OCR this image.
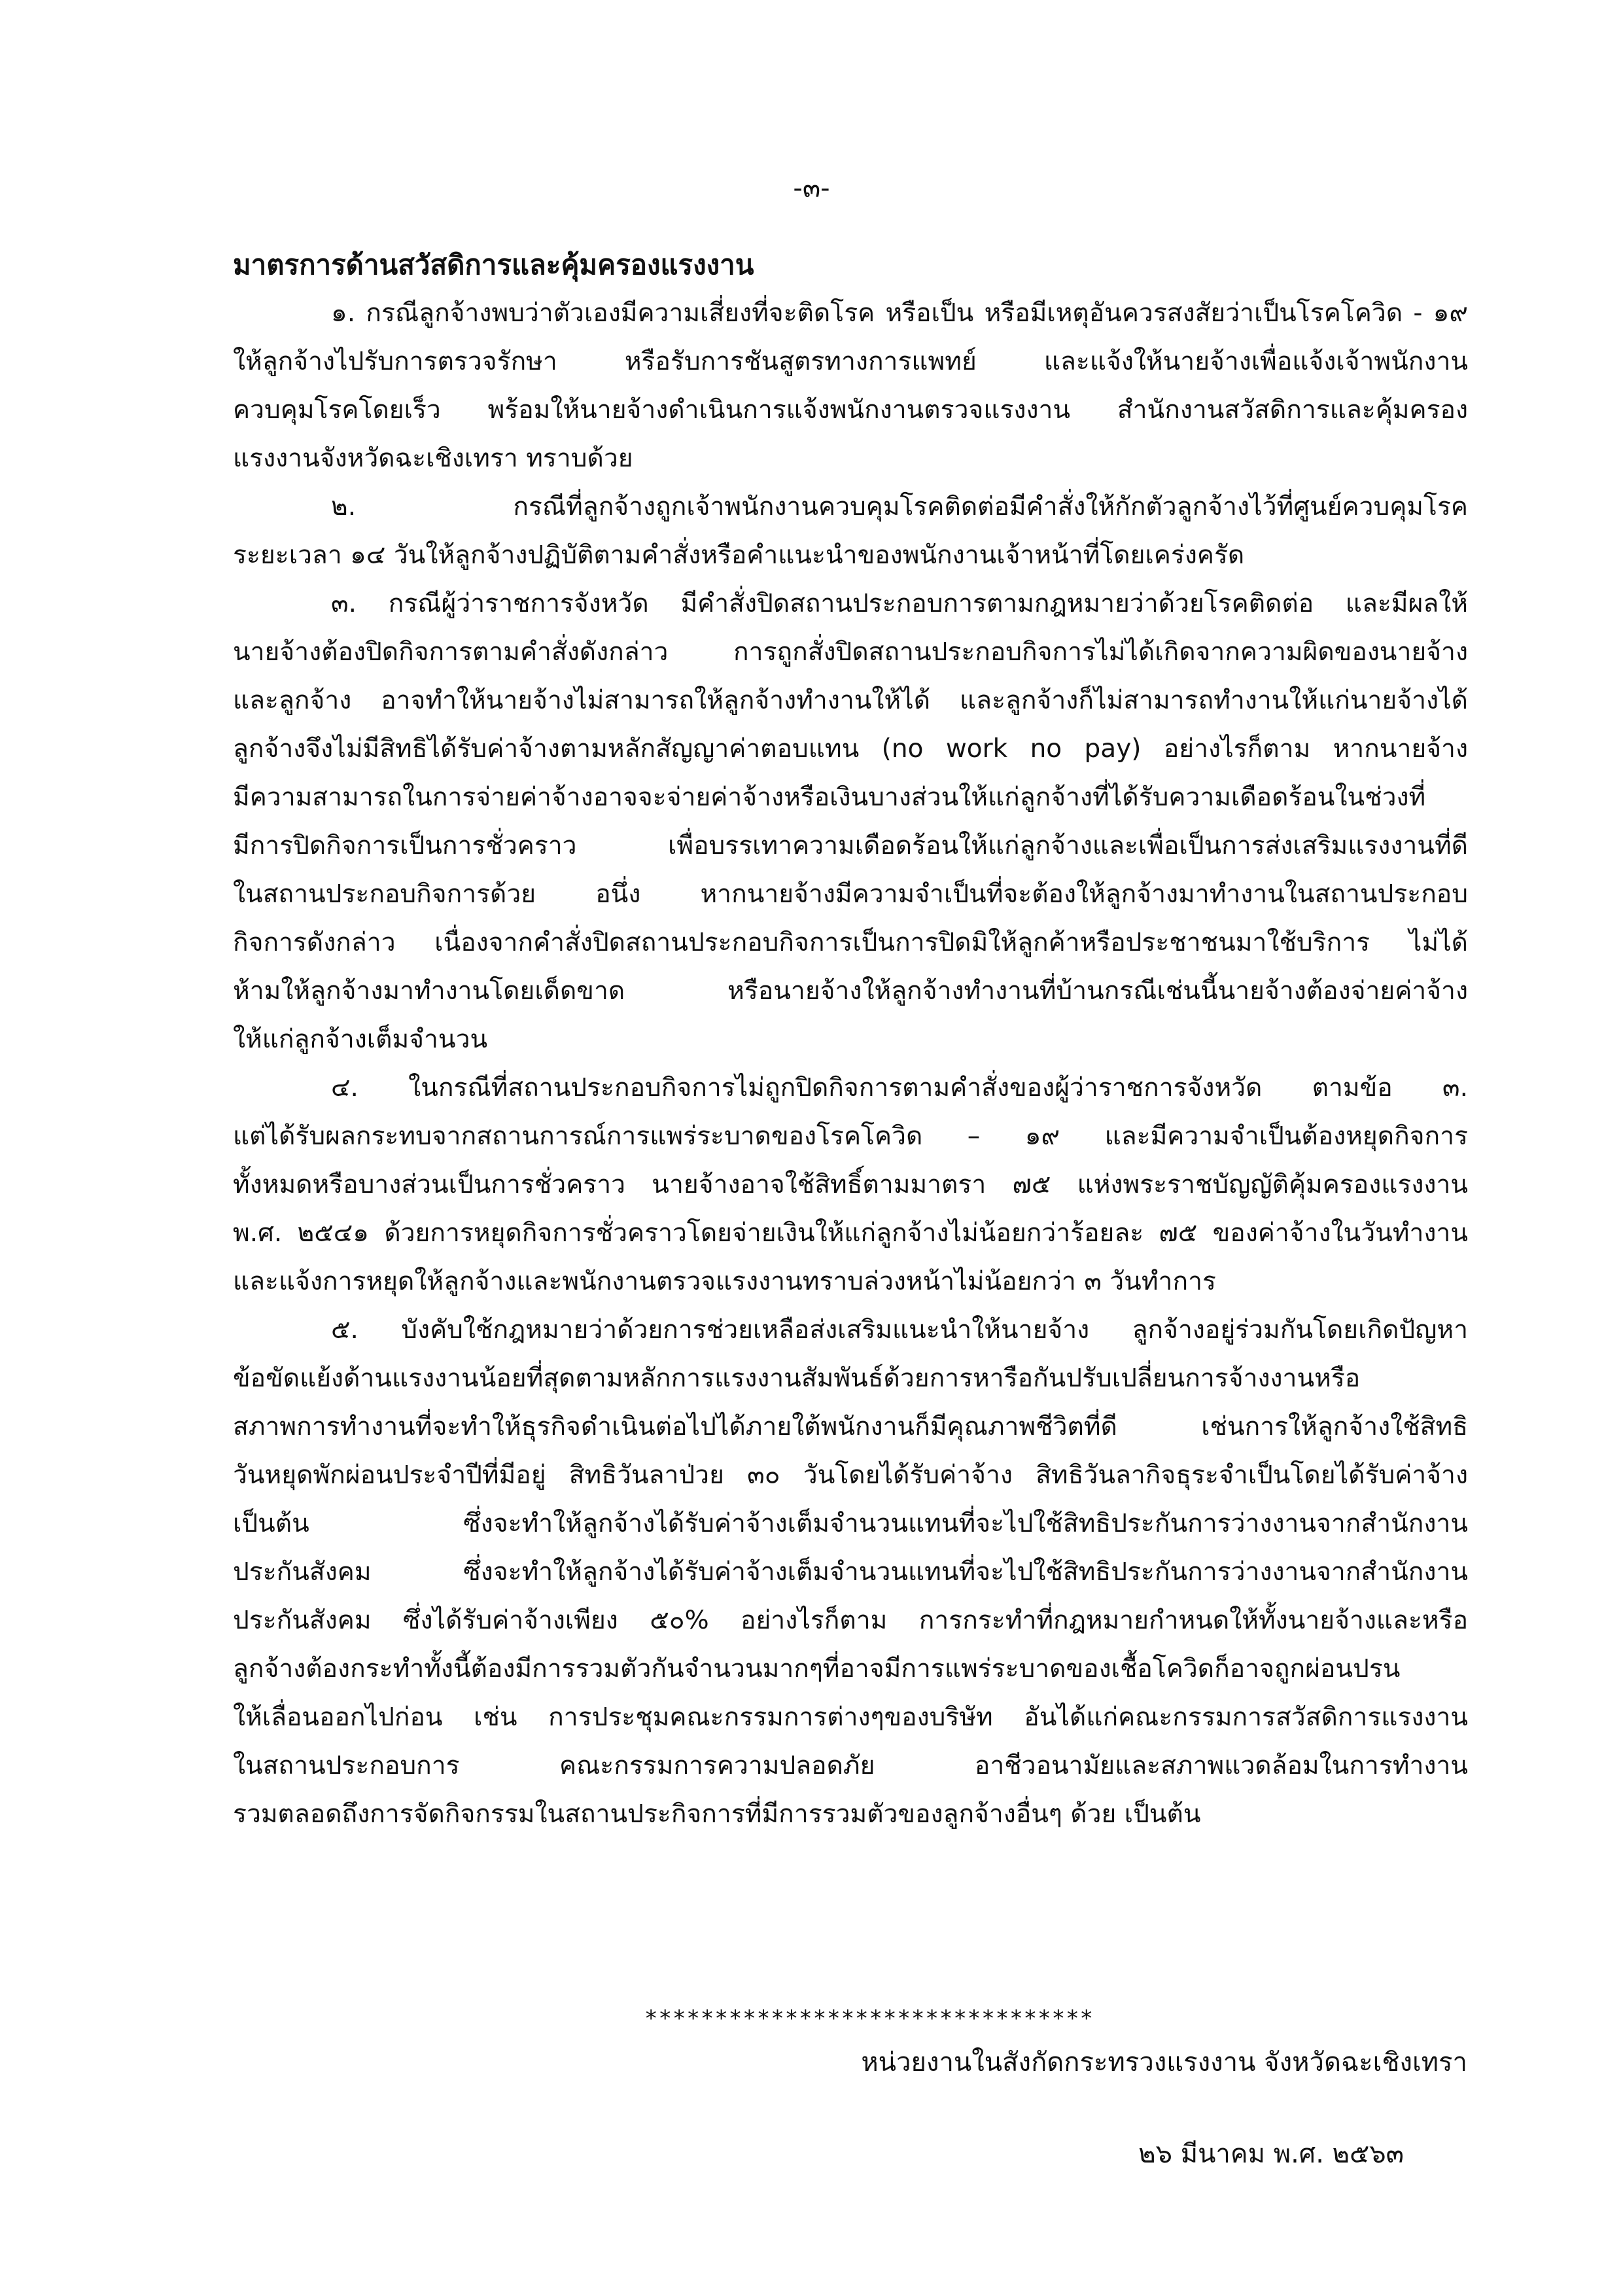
-๓-
มาตรการด้านสวัสดิการและคุ้มครองแรงงาน

๑. กรณีลูกจ้างพบว่าตัวเองมีความเสี่ยงที่จะติดโรค หรือเป็น หรือมีเหตุอันควรสงสัยว่าเป็นโรคโควิด - ๑๙
ให้ลูกจ้างไปรับการตรวจรักษา หรือรับการชันสูตรทางการแพทย์ และแจ้งให้นายจ้างเพื่อแจ้งเจ้าพนักงาน
ควบคุมโรคโดยเร็ว พร้อมให้นายจ้างดำเนินการแจ้งพนักงานตรวจแรงงาน สำนักงานสวัสดิการและคุ้มครอง
แรงงานจังหวัดฉะเชิงเทรา ทราบด้วย

๒. กรณีที่ลูกจ้างถูกเจ้าพนักงานควบคุมโรคติดต่อมีคำสั่งให้กักตัวลูกจ้างไว้ที่ศูนย์ควบคุมโรค
ระยะเวลา ๑๔ วันให้ลูกจ้างปฏิบัติตามคำสั่งหรือคำแนะนำของพนักงานเจ้าหน้าที่โดยเคร่งครัด

๓. กรณีผู้ว่าราชการจังหวัด มีคำสั่งปิดสถานประกอบการตามกฎหมายว่าด้วยโรคติดต่อ และมีผลให้
นายจ้างต้องปิดกิจการตามคำสั่งดังกล่าว การถูกสั่งปิดสถานประกอบกิจการไม่ได้เกิดจากความผิดของนายจ้าง
และลูกจ้าง อาจทำให้นายจ้างไม่สามารถให้ลูกจ้างทำงานให้ได้ และลูกจ้างก็ไม่สามารถทำงานให้แก่นายจ้างได้
ลูกจ้างจึงไม่มีสิทธิได้รับค่าจ้างตามหลักสัญญาค่าตอบแทน (no work no pay) อย่างไรก็ตาม หากนายจ้าง
มีความสามารถในการจ่ายค่าจ้างอาจจะจ่ายค่าจ้างหรือเงินบางส่วนให้แก่ลูกจ้างที่ได้รับความเดือดร้อนในช่วงที่
มีการปิดกิจการเป็นการชั่วคราว เพื่อบรรเทาความเดือดร้อนให้แก่ลูกจ้างและเพื่อเป็นการส่งเสริมแรงงานที่ดี
ในสถานประกอบกิจการด้วย อนึ่ง หากนายจ้างมีความจำเป็นที่จะต้องให้ลูกจ้างมาทำงานในสถานประกอบ
กิจการดังกล่าว เนื่องจากคำสั่งปิดสถานประกอบกิจการเป็นการปิดมิให้ลูกค้าหรือประชาชนมาใช้บริการ ไม่ได้
ห้ามให้ลูกจ้างมาทำงานโดยเด็ดขาด หรือนายจ้างให้ลูกจ้างทำงานที่บ้านกรณีเช่นนี้นายจ้างต้องจ่ายค่าจ้าง
ให้แก่ลูกจ้างเต็มจำนวน

๔. ในกรณีที่สถานประกอบกิจการไม่ถูกปิดกิจการตามคำสั่งของผู้ว่าราชการจังหวัด ตามข้อ ๓.
แต่ได้รับผลกระทบจากสถานการณ์การแพร่ระบาดของโรคโควิด – ๑๙ และมีความจำเป็นต้องหยุดกิจการ
ทั้งหมดหรือบางส่วนเป็นการชั่วคราว นายจ้างอาจใช้สิทธิ์ตามมาตรา ๗๕ แห่งพระราชบัญญัติคุ้มครองแรงงาน
พ.ศ. ๒๕๔๑ ด้วยการหยุดกิจการชั่วคราวโดยจ่ายเงินให้แก่ลูกจ้างไม่น้อยกว่าร้อยละ ๗๕ ของค่าจ้างในวันทำงาน
และแจ้งการหยุดให้ลูกจ้างและพนักงานตรวจแรงงานทราบล่วงหน้าไม่น้อยกว่า ๓ วันทำการ

๕. บังคับใช้กฎหมายว่าด้วยการช่วยเหลือส่งเสริมแนะนำให้นายจ้าง ลูกจ้างอยู่ร่วมกันโดยเกิดปัญหา
ข้อขัดแย้งด้านแรงงานน้อยที่สุดตามหลักการแรงงานสัมพันธ์ด้วยการหารือกันปรับเปลี่ยนการจ้างงานหรือ
สภาพการทำงานที่จะทำให้ธุรกิจดำเนินต่อไปได้ภายใต้พนักงานก็มีคุณภาพชีวิตที่ดี เช่นการให้ลูกจ้างใช้สิทธิ
วันหยุดพักผ่อนประจำปีที่มีอยู่ สิทธิวันลาป่วย ๓๐ วันโดยได้รับค่าจ้าง สิทธิวันลากิจธุระจำเป็นโดยได้รับค่าจ้าง
เป็นต้น ซึ่งจะทำให้ลูกจ้างได้รับค่าจ้างเต็มจำนวนแทนที่จะไปใช้สิทธิประกันการว่างงานจากสำนักงาน
ประกันสังคม ซึ่งจะทำให้ลูกจ้างได้รับค่าจ้างเต็มจำนวนแทนที่จะไปใช้สิทธิประกันการว่างงานจากสำนักงาน
ประกันสังคม ซึ่งได้รับค่าจ้างเพียง ๕๐% อย่างไรก็ตาม การกระทำที่กฎหมายกำหนดให้ทั้งนายจ้างและหรือ
ลูกจ้างต้องกระทำทั้งนี้ต้องมีการรวมตัวกันจำนวนมากๆที่อาจมีการแพร่ระบาดของเชื้อโควิดก็อาจถูกผ่อนปรน
ให้เลื่อนออกไปก่อน เช่น การประชุมคณะกรรมการต่างๆของบริษัท อันได้แก่คณะกรรมการสวัสดิการแรงงาน
ในสถานประกอบการ คณะกรรมการความปลอดภัย อาชีวอนามัยและสภาพแวดล้อมในการทำงาน
รวมตลอดถึงการจัดกิจกรรมในสถานประกิจการที่มีการรวมตัวของลูกจ้างอื่นๆ ด้วย เป็นต้น

********************************
หน่วยงานในสังกัดกระทรวงแรงงาน จังหวัดฉะเชิงเทรา
๒๖ มีนาคม พ.ศ. ๒๕๖๓
